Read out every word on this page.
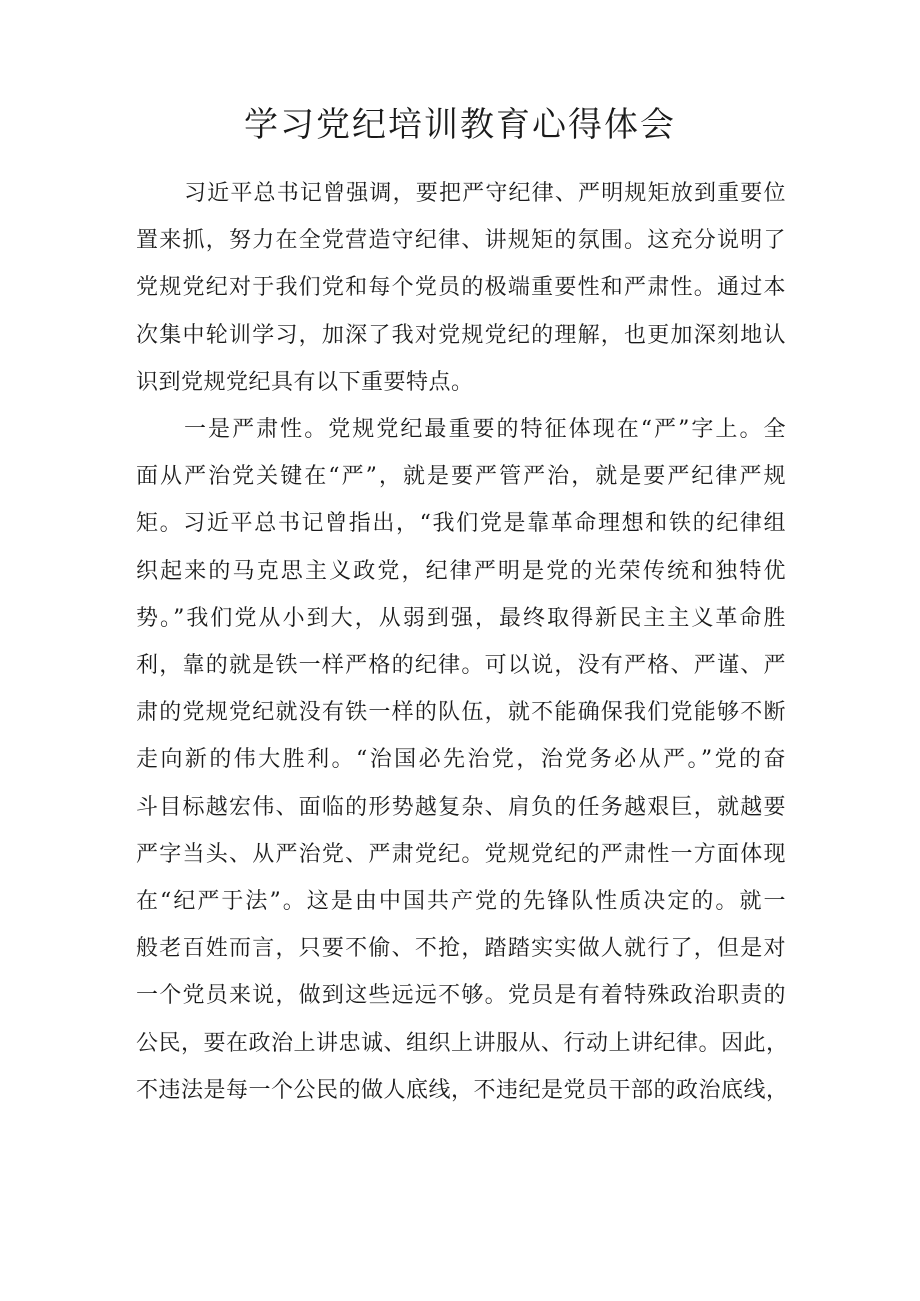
学习党纪培训教育心得体会

习近平总书记曾强调，要把严守纪律、严明规矩放到重要位
置来抓，努力在全党营造守纪律、讲规矩的氛围。这充分说明了
党规党纪对于我们党和每个党员的极端重要性和严肃性。通过本
次集中轮训学习，加深了我对党规党纪的理解，也更加深刻地认
识到党规党纪具有以下重要特点。

一是严肃性。党规党纪最重要的特征体现在“严”字上。全
面从严治党关键在“严”，就是要严管严治，就是要严纪律严规
矩。习近平总书记曾指出，“我们党是靠革命理想和铁的纪律组
织起来的马克思主义政党，纪律严明是党的光荣传统和独特优
势。”我们党从小到大，从弱到强，最终取得新民主主义革命胜
利，靠的就是铁一样严格的纪律。可以说，没有严格、严谨、严
肃的党规党纪就没有铁一样的队伍，就不能确保我们党能够不断
走向新的伟大胜利。“治国必先治党，治党务必从严。”党的奋
斗目标越宏伟、面临的形势越复杂、肩负的任务越艰巨，就越要
严字当头、从严治党、严肃党纪。党规党纪的严肃性一方面体现
在“纪严于法”。这是由中国共产党的先锋队性质决定的。就一
般老百姓而言，只要不偷、不抢，踏踏实实做人就行了，但是对
一个党员来说，做到这些远远不够。党员是有着特殊政治职责的
公民，要在政治上讲忠诚、组织上讲服从、行动上讲纪律。因此，
不违法是每一个公民的做人底线，不违纪是党员干部的政治底线，
